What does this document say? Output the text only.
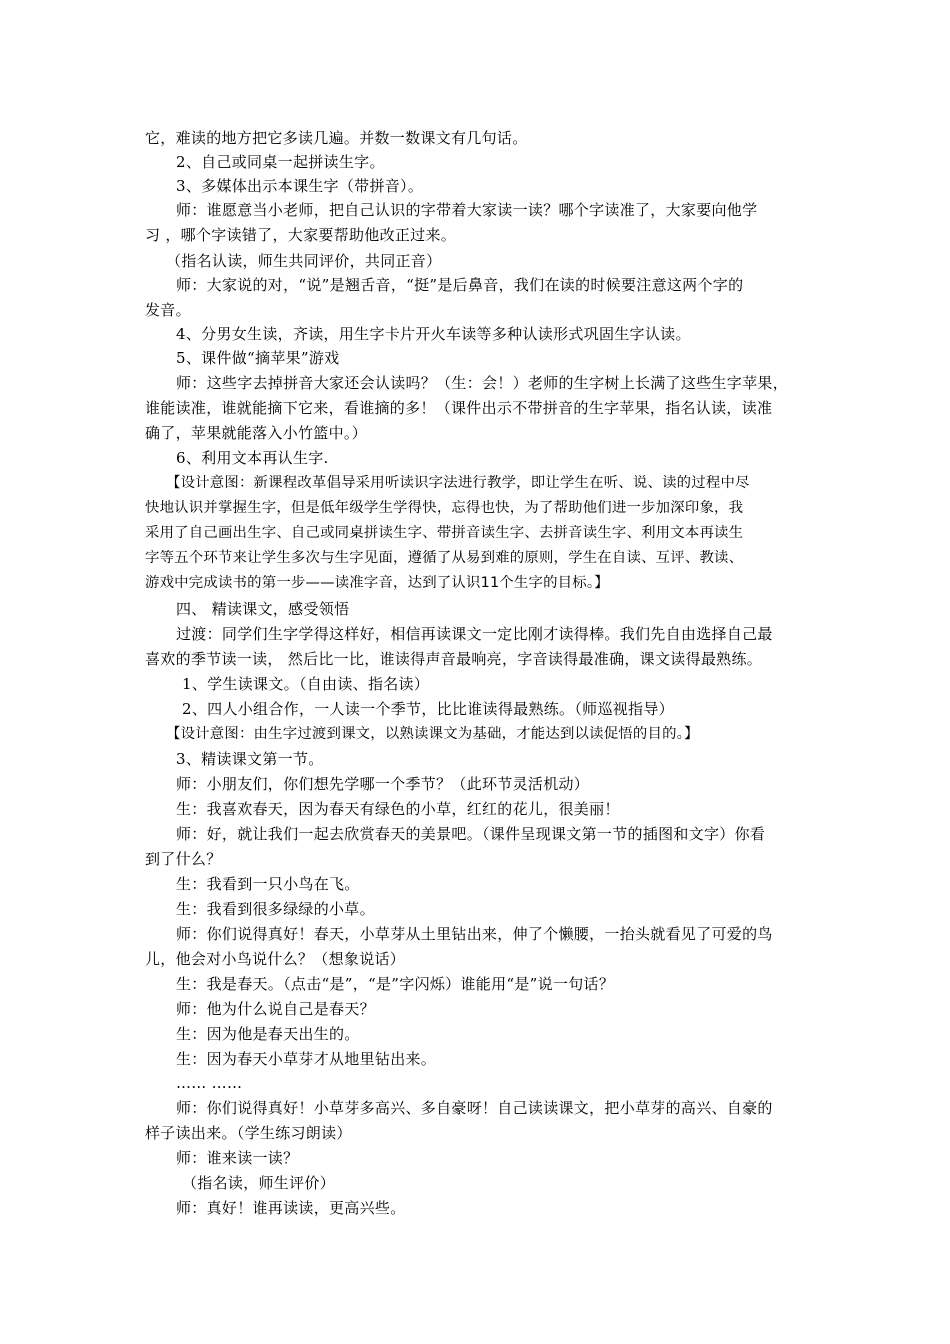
它，难读的地方把它多读几遍。并数一数课文有几句话。
2、自己或同桌一起拼读生字。
3、多媒体出示本课生字（带拼音）。
师：谁愿意当小老师，把自己认识的字带着大家读一读？哪个字读准了，大家要向他学
习 ，哪个字读错了，大家要帮助他改正过来。
（指名认读，师生共同评价，共同正音）
师：大家说的对，“说”是翘舌音，“挺”是后鼻音，我们在读的时候要注意这两个字的
发音。
4、分男女生读，齐读，用生字卡片开火车读等多种认读形式巩固生字认读。
5、课件做“摘苹果”游戏
师：这些字去掉拼音大家还会认读吗？（生：会！）老师的生字树上长满了这些生字苹果，
谁能读准，谁就能摘下它来，看谁摘的多！（课件出示不带拼音的生字苹果，指名认读，读准
确了，苹果就能落入小竹篮中。）
6、利用文本再认生字.
【设计意图：新课程改革倡导采用听读识字法进行教学，即让学生在听、说、读的过程中尽
快地认识并掌握生字，但是低年级学生学得快，忘得也快，为了帮助他们进一步加深印象，我
采用了自己画出生字、自己或同桌拼读生字、带拼音读生字、去拼音读生字、利用文本再读生
字等五个环节来让学生多次与生字见面，遵循了从易到难的原则，学生在自读、互评、教读、
游戏中完成读书的第一步——读准字音，达到了认识11个生字的目标。】
四、 精读课文，感受领悟
过渡：同学们生字学得这样好，相信再读课文一定比刚才读得棒。我们先自由选择自己最
喜欢的季节读一读， 然后比一比，谁读得声音最响亮，字音读得最准确，课文读得最熟练。
1、学生读课文。（自由读、指名读）
2、四人小组合作，一人读一个季节，比比谁读得最熟练。（师巡视指导）
【设计意图：由生字过渡到课文，以熟读课文为基础，才能达到以读促悟的目的。】
3、精读课文第一节。
师：小朋友们，你们想先学哪一个季节？（此环节灵活机动）
生：我喜欢春天，因为春天有绿色的小草，红红的花儿，很美丽！
师：好，就让我们一起去欣赏春天的美景吧。（课件呈现课文第一节的插图和文字）你看
到了什么？
生：我看到一只小鸟在飞。
生：我看到很多绿绿的小草。
师：你们说得真好！春天，小草芽从土里钻出来，伸了个懒腰，一抬头就看见了可爱的鸟
儿，他会对小鸟说什么？（想象说话）
生：我是春天。（点击“是”，“是”字闪烁）谁能用“是”说一句话？
师：他为什么说自己是春天？
生：因为他是春天出生的。
生：因为春天小草芽才从地里钻出来。
…… ……
师：你们说得真好！小草芽多高兴、多自豪呀！自己读读课文，把小草芽的高兴、自豪的
样子读出来。（学生练习朗读）
师：谁来读一读？
（指名读，师生评价）
师：真好！谁再读读，更高兴些。
